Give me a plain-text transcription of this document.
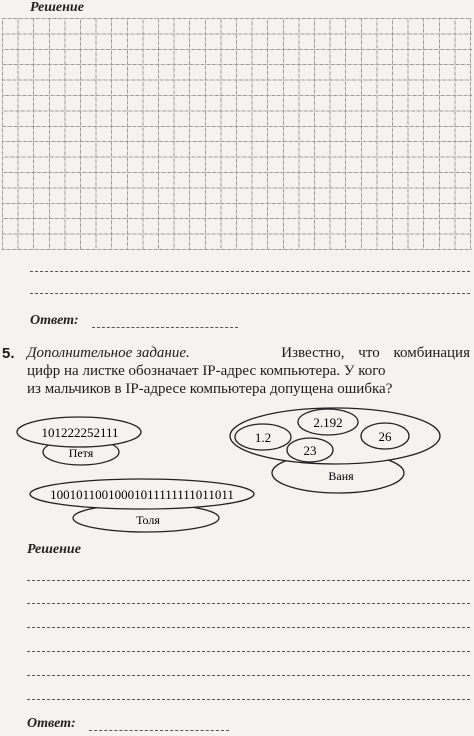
Решение
Ответ:
5. Дополнительное задание.	Известно, что комбинация
цифр на листке обозначает IP-адрес компьютера. У кого
из мальчиков в IP-адресе компьютера допущена ошибка?
101222252111
Петя
1.2
2.192
23
26
Ваня
10010110010001011111111011011
Толя
Решение
Ответ:
